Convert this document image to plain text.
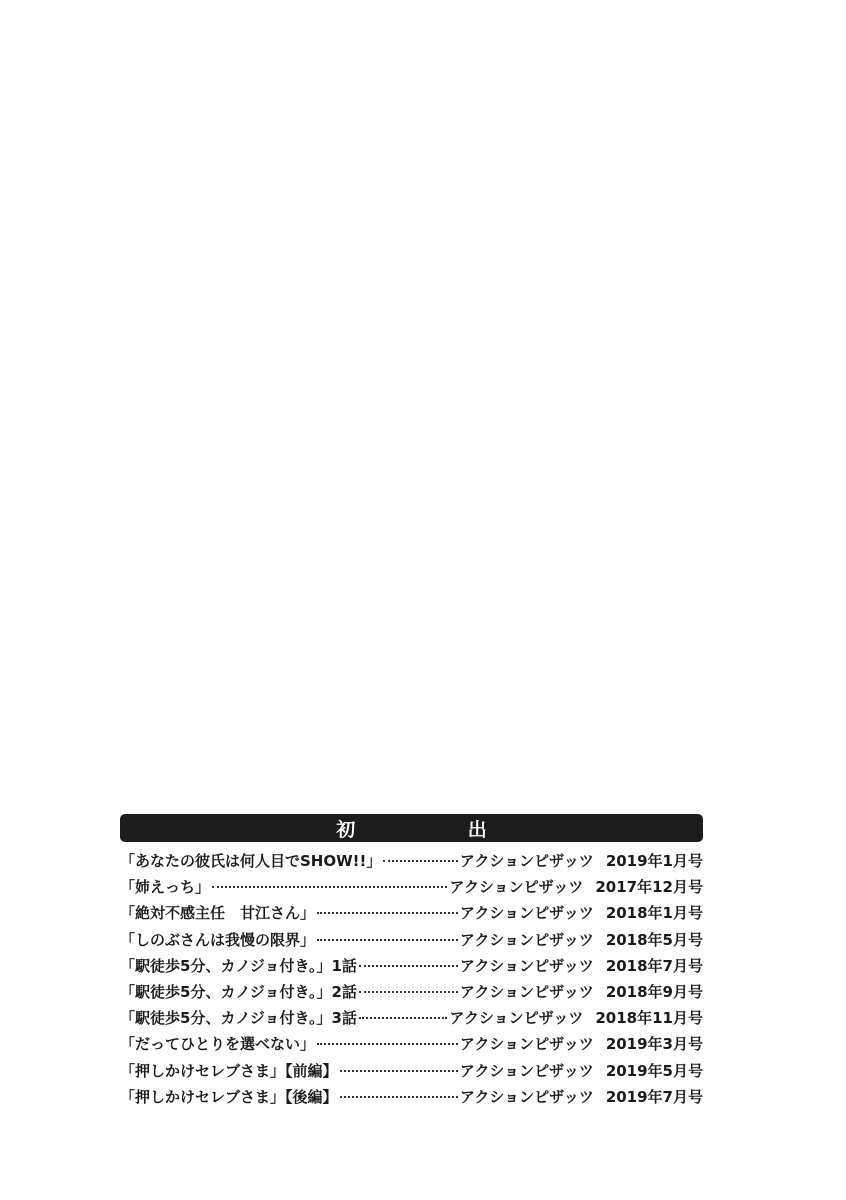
初	出
「あなたの彼氏は何人目でSHOW!!」	アクションピザッツ 2019年1月号
「姉えっち」	アクションピザッツ 2017年12月号
「絶対不感主任　甘江さん」	アクションピザッツ 2018年1月号
「しのぶさんは我慢の限界」	アクションピザッツ 2018年5月号
「駅徒歩5分、カノジョ付き。」1話	アクションピザッツ 2018年7月号
「駅徒歩5分、カノジョ付き。」2話	アクションピザッツ 2018年9月号
「駅徒歩5分、カノジョ付き。」3話	アクションピザッツ 2018年11月号
「だってひとりを選べない」	アクションピザッツ 2019年3月号
「押しかけセレブさま」【前編】	アクションピザッツ 2019年5月号
「押しかけセレブさま」【後編】	アクションピザッツ 2019年7月号
